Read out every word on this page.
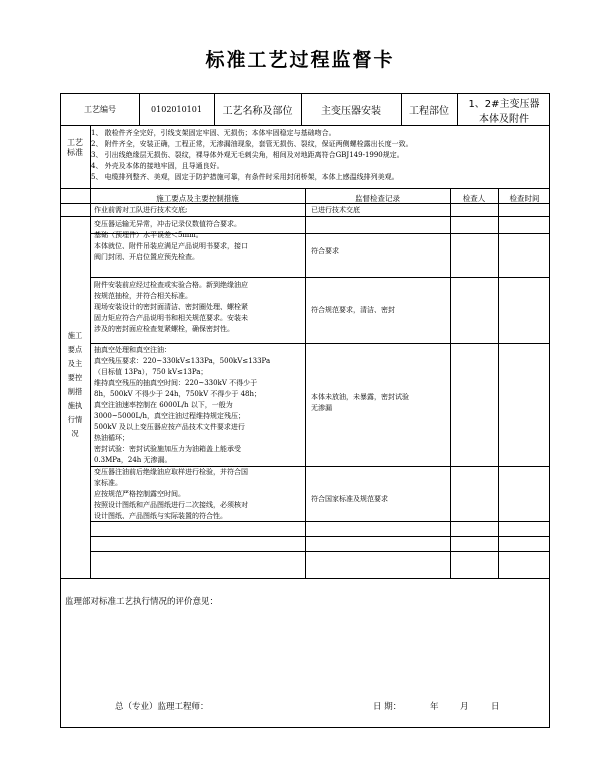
标准工艺过程监督卡
工艺编号	0102010101	工艺名称及部位	主变压器安装	工程部位
1、2#主变压器
本体及附件
工艺标准
1、 散检件齐全完好，引线支架固定牢固、无损伤；本体牢固稳定与基础吻合。
2、 附件齐全，安装正确，工程正常，无渗漏油现象，套管无损伤、裂纹，保证两侧螺栓露出长度一致。
3、 引出线绝缘层无损伤、裂纹，裸导体外观无毛刺尖角，相间及对地距离符合GBJ149-1990规定。
4、 外壳及本体的接地牢固，且导通良好。
5、 电缆排列整齐、美观，固定于防护措施可靠，有条件时采用封闭桥架，本体上感温线排列美观。
施工要点及主要控制措施	监督检查记录	检查人	检查时间
施工要点及主要控制措施执行情况
作业前需对工队进行技术交底;	已进行技术交底
变压器运输无异常，冲击记录仪数值符合要求。
基础（预埋件）水平误差＜5mm。
本体就位、附件吊装应满足产品说明书要求，接口
阀门封闭、开启位置应预先检查。
符合要求
附件安装前应经过检查或实验合格。新到绝缘油应
按规范抽检，并符合相关标准。
现场安装设计的密封面清洁、密封圈处理、螺栓紧
固力矩应符合产品说明书和相关规范要求。安装未
涉及的密封面应检查复紧螺栓，确保密封性。
符合规范要求，清洁、密封
抽真空处理和真空注油：
真空残压要求：220~330kV≤133Pa，500kV≤133Pa
（目标值 13Pa），750 kV≤13Pa；
维持真空残压的抽真空时间：220~330kV 不得少于
8h，500kV 不得少于 24h，750kV 不得少于 48h；
真空注油速率控制在 6000L/h 以下，一般为
3000~5000L/h，真空注油过程维持规定残压；
500kV 及以上变压器应按产品技术文件要求进行
热油循环；
密封试验：密封试验施加压力为油箱盖上能承受
0.3MPa，24h 无渗漏。
本体未放油，未暴露，密封试验
无渗漏
变压器注油前后绝缘油应取样进行检验，并符合国
家标准。
应按规范严格控制露空时间。
按照设计图纸和产品图纸进行二次接线，必须核对
设计图纸、产品图纸与实际装置的符合性。
符合国家标准及规范要求
监理部对标准工艺执行情况的评价意见：
总（专业）监理工程师：	日 期：	年	月	日
